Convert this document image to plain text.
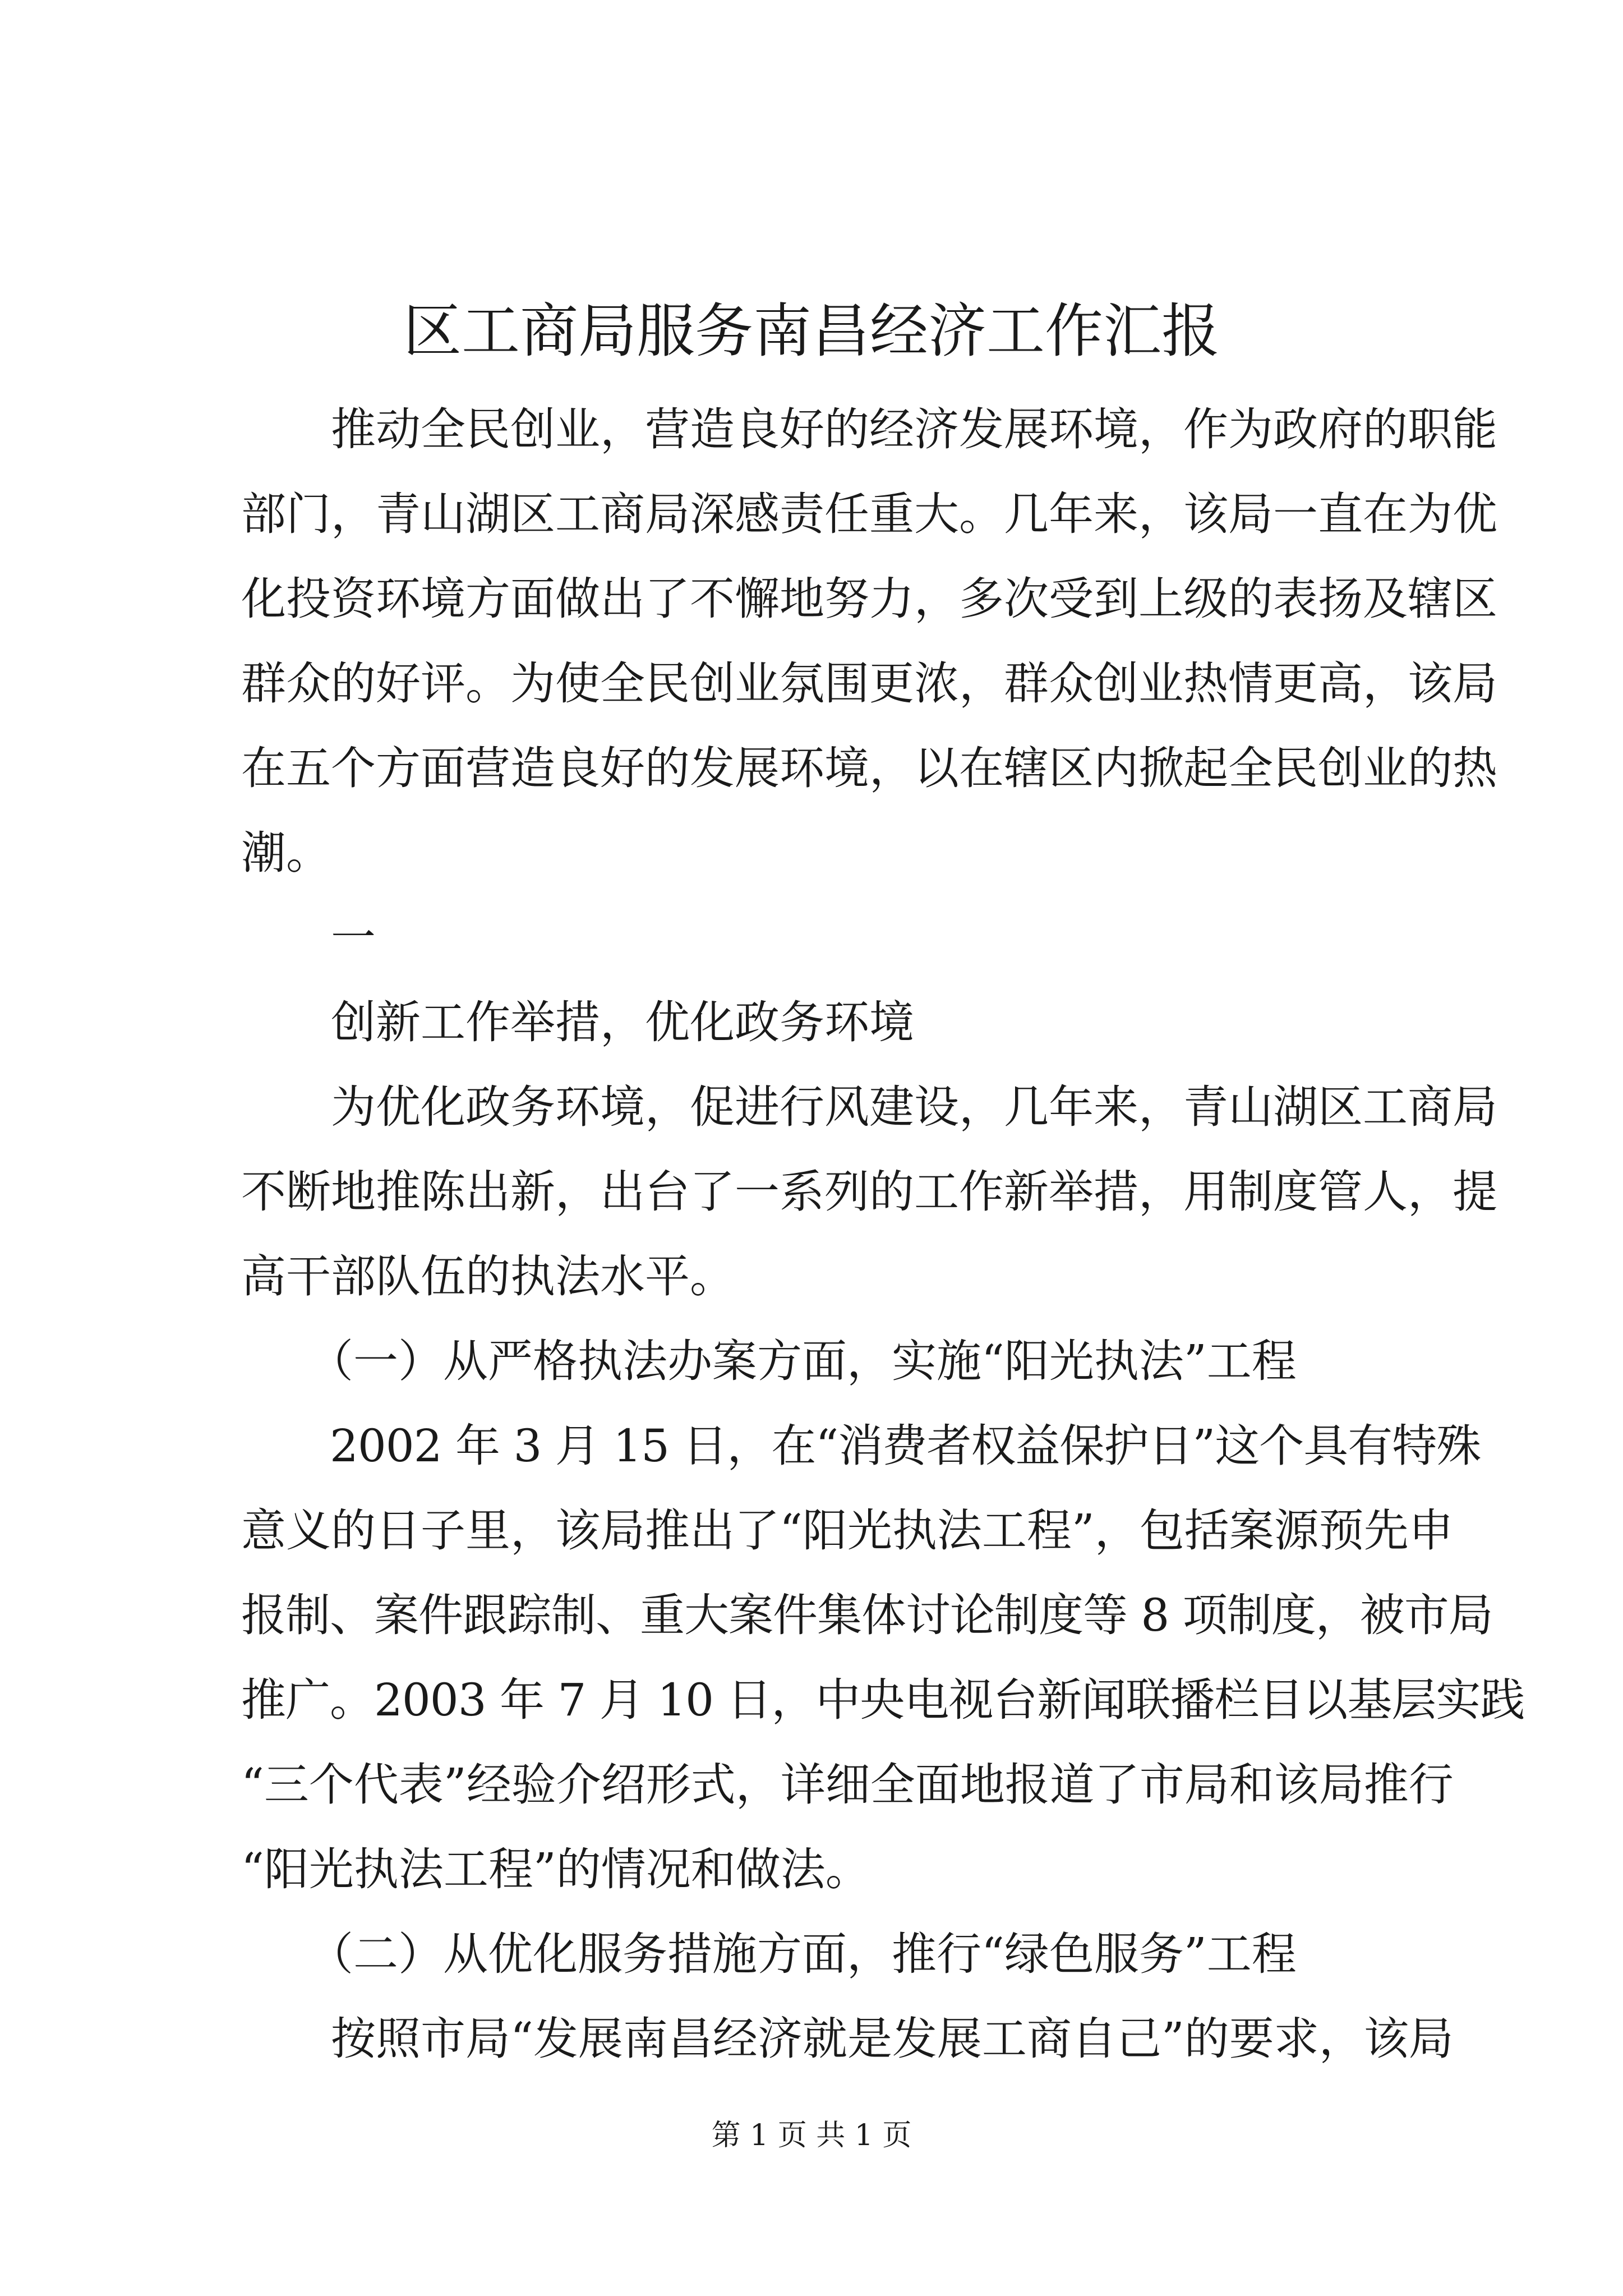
区工商局服务南昌经济工作汇报
　　推动全民创业，营造良好的经济发展环境，作为政府的职能
部门，青山湖区工商局深感责任重大。几年来，该局一直在为优
化投资环境方面做出了不懈地努力，多次受到上级的表扬及辖区
群众的好评。为使全民创业氛围更浓，群众创业热情更高，该局
在五个方面营造良好的发展环境，以在辖区内掀起全民创业的热
潮。
　　一
　　创新工作举措，优化政务环境
　　为优化政务环境，促进行风建设，几年来，青山湖区工商局
不断地推陈出新，出台了一系列的工作新举措，用制度管人，提
高干部队伍的执法水平。
　　（一）从严格执法办案方面，实施“阳光执法”工程
　　2002 年 3 月 15 日，在“消费者权益保护日”这个具有特殊
意义的日子里，该局推出了“阳光执法工程”，包括案源预先申
报制、案件跟踪制、重大案件集体讨论制度等 8 项制度，被市局
推广。2003 年 7 月 10 日，中央电视台新闻联播栏目以基层实践
“三个代表”经验介绍形式，详细全面地报道了市局和该局推行
“阳光执法工程”的情况和做法。
　　（二）从优化服务措施方面，推行“绿色服务”工程
　　按照市局“发展南昌经济就是发展工商自己”的要求，该局
第 1 页 共 1 页
